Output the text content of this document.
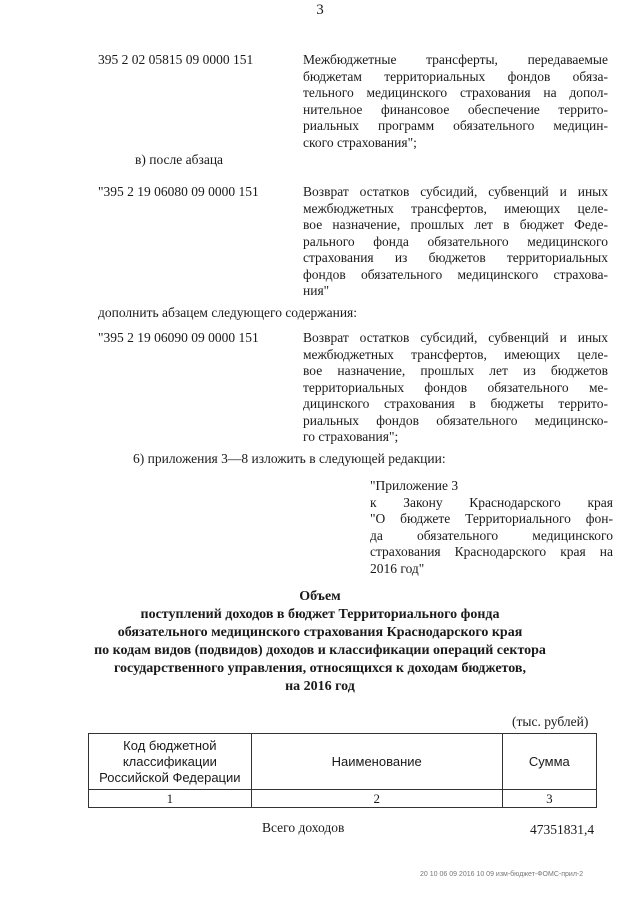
3
395 2 02 05815 09 0000 151	Межбюджетные трансферты, передаваемые
бюджетам территориальных фондов обяза-
тельного медицинского страхования на допол-
нительное финансовое обеспечение террито-
риальных программ обязательного медицин-
ского страхования";
в) после абзаца
"395 2 19 06080 09 0000 151	Возврат остатков субсидий, субвенций и иных
межбюджетных трансфертов, имеющих целе-
вое назначение, прошлых лет в бюджет Феде-
рального фонда обязательного медицинского
страхования из бюджетов территориальных
фондов обязательного медицинского страхова-
ния"
дополнить абзацем следующего содержания:
"395 2 19 06090 09 0000 151	Возврат остатков субсидий, субвенций и иных
межбюджетных трансфертов, имеющих целе-
вое назначение, прошлых лет из бюджетов
территориальных фондов обязательного ме-
дицинского страхования в бюджеты террито-
риальных фондов обязательного медицинско-
го страхования";
6) приложения 3—8 изложить в следующей редакции:
"Приложение 3
к Закону Краснодарского края
"О бюджете Территориального фон-
да обязательного медицинского
страхования Краснодарского края на
2016 год"
Объем
поступлений доходов в бюджет Территориального фонда
обязательного медицинского страхования Краснодарского края
по кодам видов (подвидов) доходов и классификации операций сектора
государственного управления, относящихся к доходам бюджетов,
на 2016 год
(тыс. рублей)
Код бюджетной
классификации
Российской Федерации	Наименование	Сумма
1	2	3
Всего доходов	47351831,4
20 10 06 09 2016 10 09 изм-бюджет-ФОМС-прил-2
